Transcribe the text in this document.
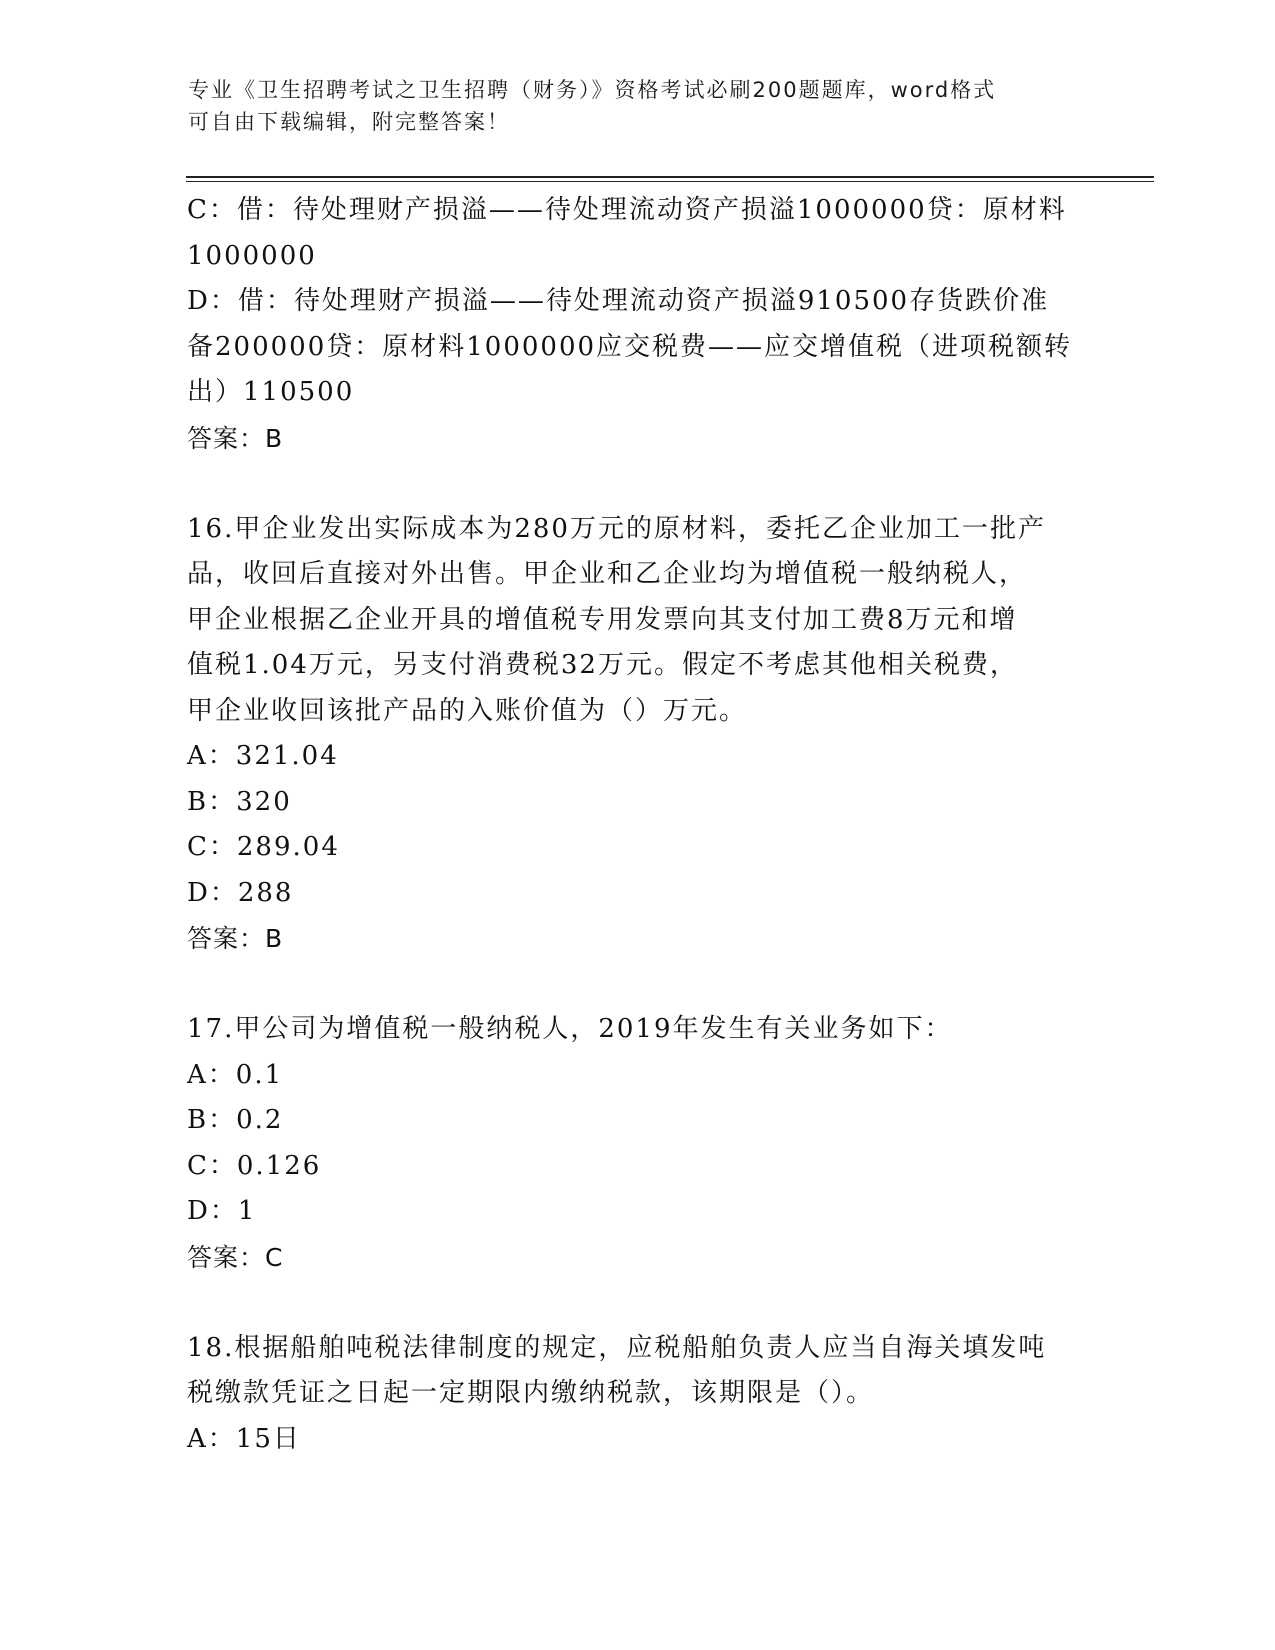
专业《卫生招聘考试之卫生招聘（财务）》资格考试必刷200题题库，word格式
可自由下载编辑，附完整答案！
C：借：待处理财产损溢——待处理流动资产损溢1000000贷：原材料
1000000
D：借：待处理财产损溢——待处理流动资产损溢910500存货跌价准
备200000贷：原材料1000000应交税费——应交增值税（进项税额转
出）110500
答案：B
16.甲企业发出实际成本为280万元的原材料，委托乙企业加工一批产
品，收回后直接对外出售。甲企业和乙企业均为增值税一般纳税人，
甲企业根据乙企业开具的增值税专用发票向其支付加工费8万元和增
值税1.04万元，另支付消费税32万元。假定不考虑其他相关税费，
甲企业收回该批产品的入账价值为（）万元。
A：321.04
B：320
C：289.04
D：288
答案：B
17.甲公司为增值税一般纳税人，2019年发生有关业务如下：
A：0.1
B：0.2
C：0.126
D：1
答案：C
18.根据船舶吨税法律制度的规定，应税船舶负责人应当自海关填发吨
税缴款凭证之日起一定期限内缴纳税款，该期限是（）。
A：15日
